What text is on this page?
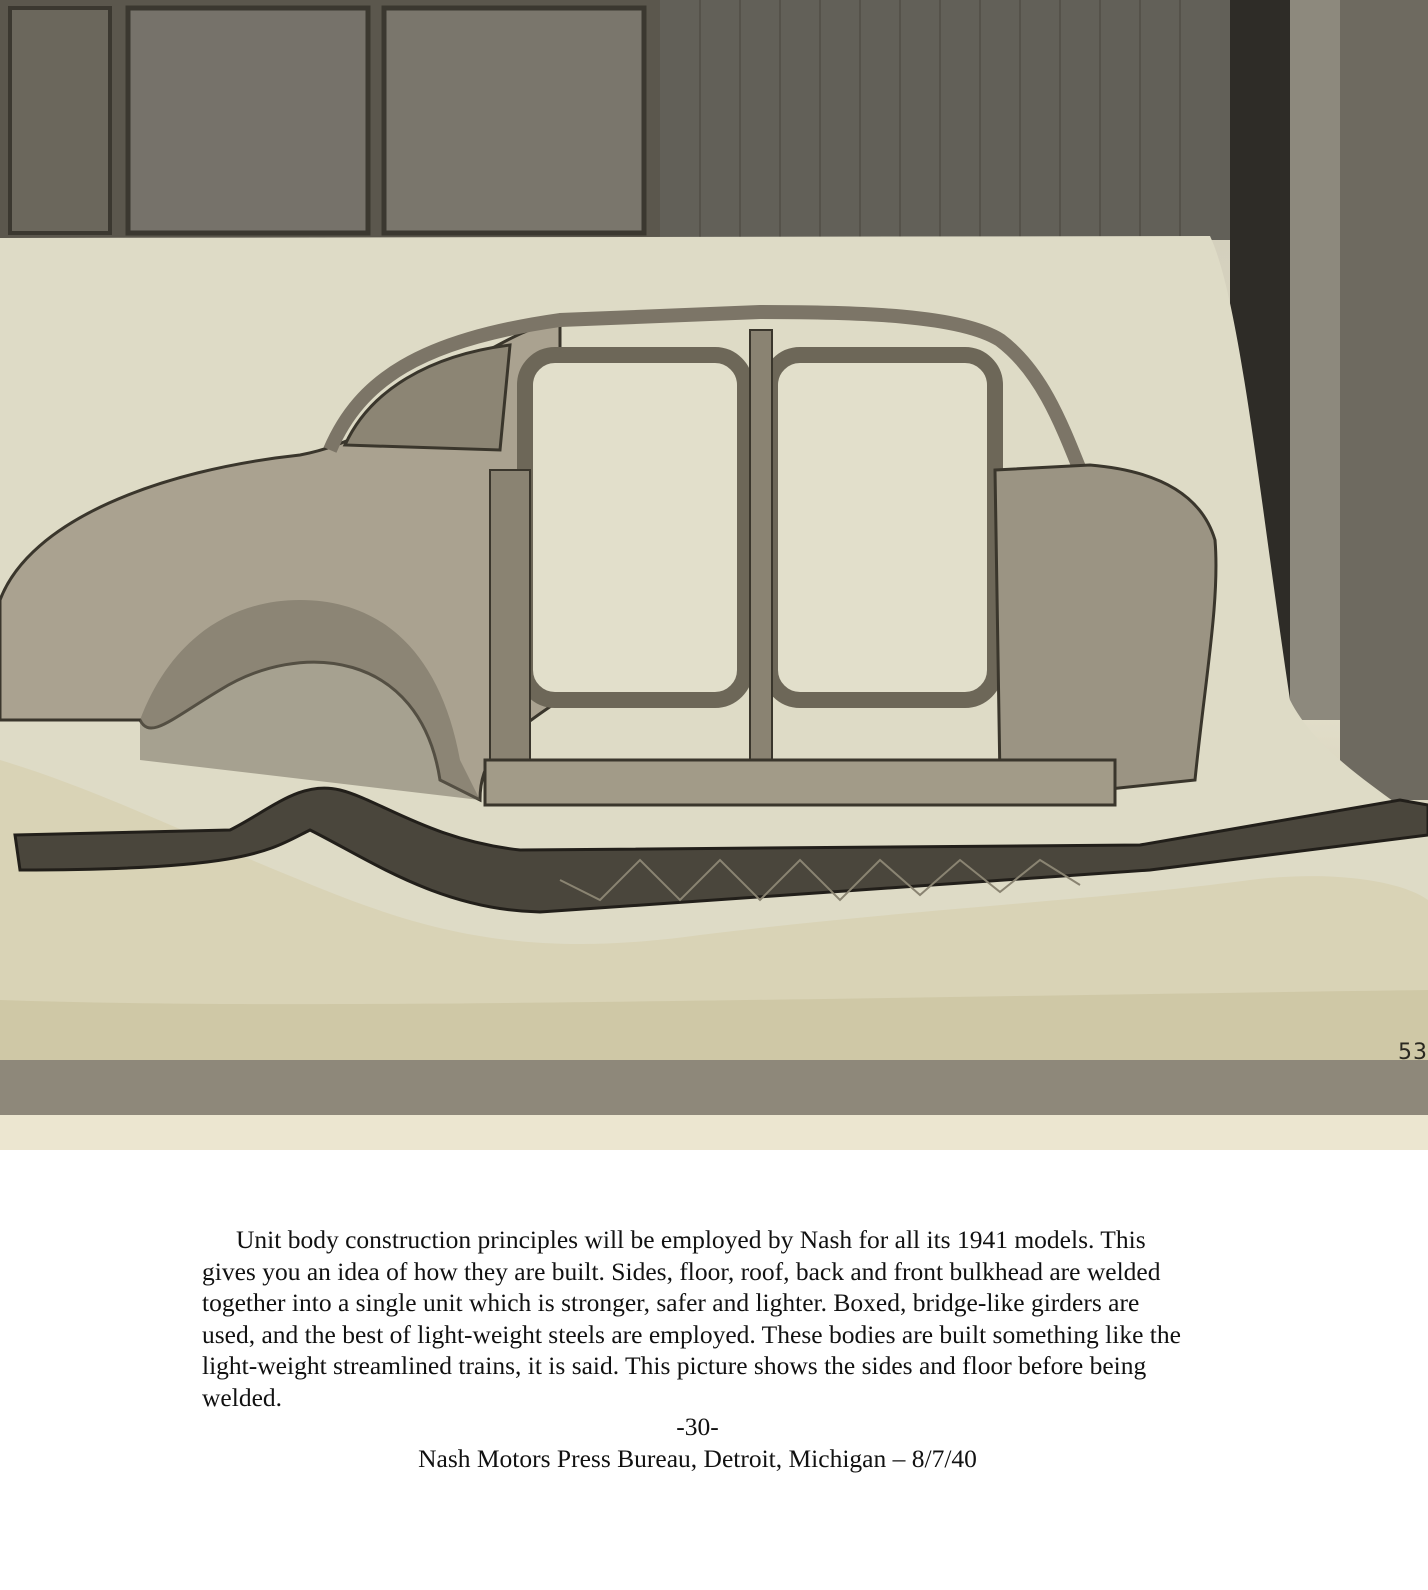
53
Unit body construction principles will be employed by Nash for all its 1941 models. This gives you an idea of how they are built. Sides, floor, roof, back and front bulkhead are welded together into a single unit which is stronger, safer and lighter. Boxed, bridge-like girders are used, and the best of light-weight steels are employed. These bodies are built something like the light-weight streamlined trains, it is said. This picture shows the sides and floor before being welded.
-30-
Nash Motors Press Bureau, Detroit, Michigan – 8/7/40
